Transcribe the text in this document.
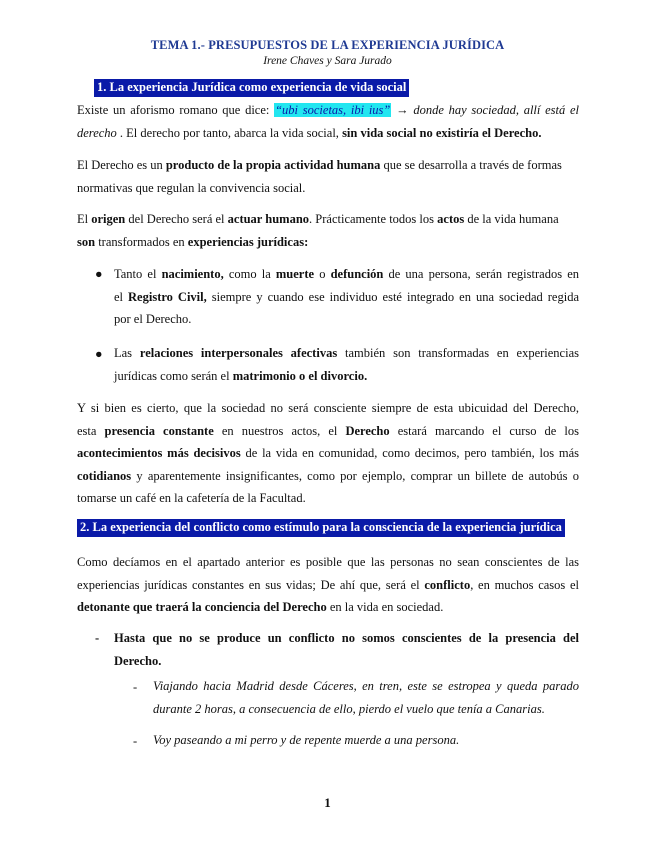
TEMA 1.- PRESUPUESTOS DE LA EXPERIENCIA JURÍDICA
Irene Chaves y Sara Jurado
1. La experiencia Jurídica como experiencia de vida social
Existe un aforismo romano que dice: “ubi societas, ibi ius” → donde hay sociedad, allí está el
derecho . El derecho por tanto, abarca la vida social, sin vida social no existiría el Derecho.
El Derecho es un producto de la propia actividad humana que se desarrolla a través de formas
normativas que regulan la convivencia social.
El origen del Derecho será el actuar humano. Prácticamente todos los actos de la vida humana
son transformados en experiencias jurídicas:
● Tanto el nacimiento, como la muerte o defunción de una persona, serán registrados en
el Registro Civil, siempre y cuando ese individuo esté integrado en una sociedad regida
por el Derecho.
● Las relaciones interpersonales afectivas también son transformadas en experiencias
jurídicas como serán el matrimonio o el divorcio.
Y si bien es cierto, que la sociedad no será consciente siempre de esta ubicuidad del Derecho,
esta presencia constante en nuestros actos, el Derecho estará marcando el curso de los
acontecimientos más decisivos de la vida en comunidad, como decimos, pero también, los más
cotidianos y aparentemente insignificantes, como por ejemplo, comprar un billete de autobús o
tomarse un café en la cafetería de la Facultad.
2. La experiencia del conflicto como estímulo para la consciencia de la experiencia jurídica
Como decíamos en el apartado anterior es posible que las personas no sean conscientes de las
experiencias jurídicas constantes en sus vidas; De ahí que, será el conflicto, en muchos casos el
detonante que traerá la conciencia del Derecho en la vida en sociedad.
- Hasta que no se produce un conflicto no somos conscientes de la presencia del
Derecho.
- Viajando hacia Madrid desde Cáceres, en tren, este se estropea y queda parado
durante 2 horas, a consecuencia de ello, pierdo el vuelo que tenía a Canarias.
- Voy paseando a mi perro y de repente muerde a una persona.
1
